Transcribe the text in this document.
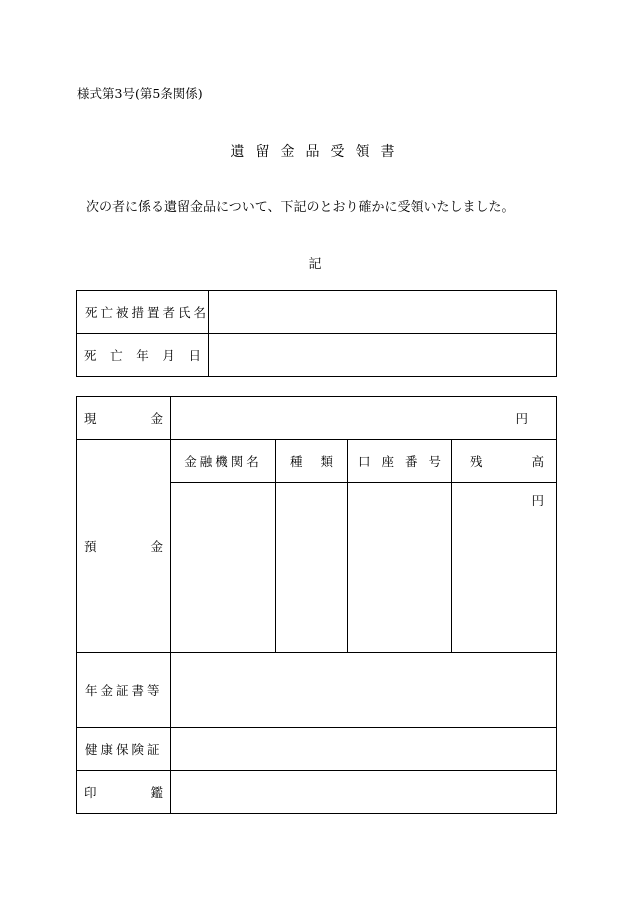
様式第3号(第5条関係)
遺留金品受領書
次の者に係る遺留金品について、下記のとおり確かに受領いたしました。
記
死亡被措置者氏名	

死 亡 年 月 日	

現 金	円			

預 金	金融機関名	種 類	口 座 番 号	残 高

				円
年金証書等				
健康保険証				

印 鑑				
